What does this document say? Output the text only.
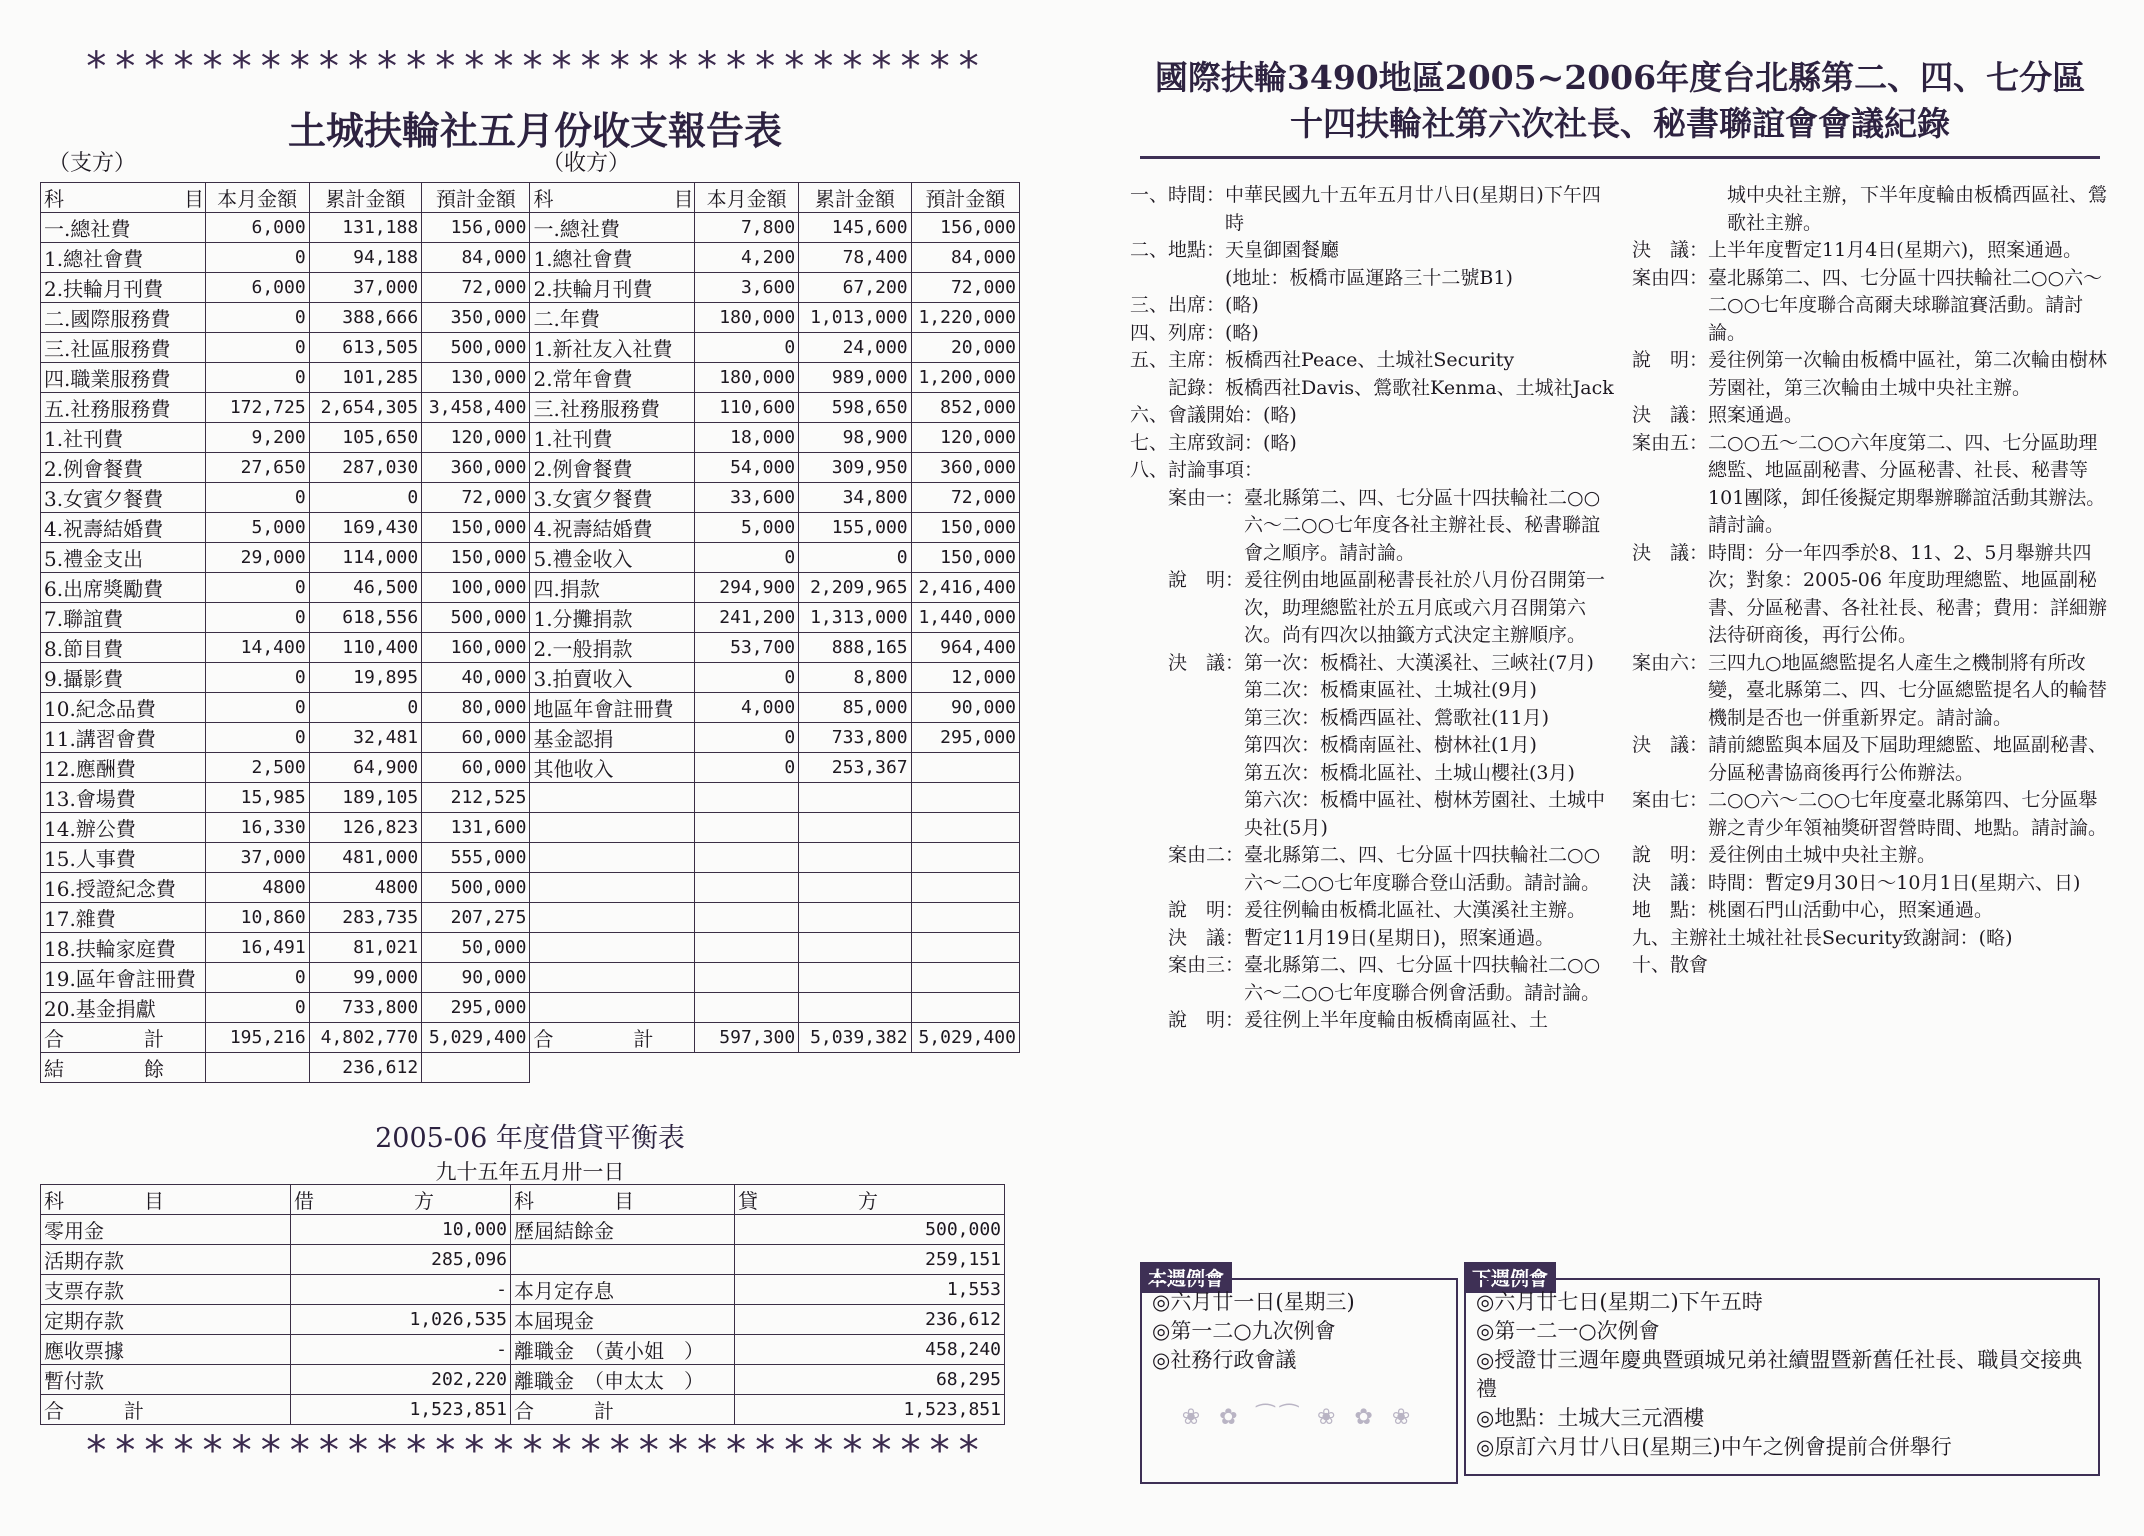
*******************************
土城扶輪社五月份收支報告表
（支方）	（收方）
科　　　　　　目	本月金額	累計金額	預計金額	科　　　　　　目	本月金額	累計金額	預計金額
一.總社費	6,000	131,188	156,000	一.總社費	7,800	145,600	156,000
1.總社會費	0	94,188	84,000	1.總社會費	4,200	78,400	84,000
2.扶輪月刊費	6,000	37,000	72,000	2.扶輪月刊費	3,600	67,200	72,000
二.國際服務費	0	388,666	350,000	二.年費	180,000	1,013,000	1,220,000
三.社區服務費	0	613,505	500,000	1.新社友入社費	0	24,000	20,000
四.職業服務費	0	101,285	130,000	2.常年會費	180,000	989,000	1,200,000
五.社務服務費	172,725	2,654,305	3,458,400	三.社務服務費	110,600	598,650	852,000
1.社刊費	9,200	105,650	120,000	1.社刊費	18,000	98,900	120,000
2.例會餐費	27,650	287,030	360,000	2.例會餐費	54,000	309,950	360,000
3.女賓夕餐費	0	0	72,000	3.女賓夕餐費	33,600	34,800	72,000
4.祝壽結婚費	5,000	169,430	150,000	4.祝壽結婚費	5,000	155,000	150,000
5.禮金支出	29,000	114,000	150,000	5.禮金收入	0	0	150,000
6.出席獎勵費	0	46,500	100,000	四.捐款	294,900	2,209,965	2,416,400
7.聯誼費	0	618,556	500,000	1.分攤捐款	241,200	1,313,000	1,440,000
8.節目費	14,400	110,400	160,000	2.一般捐款	53,700	888,165	964,400
9.攝影費	0	19,895	40,000	3.拍賣收入	0	8,800	12,000
10.紀念品費	0	0	80,000	地區年會註冊費	4,000	85,000	90,000
11.講習會費	0	32,481	60,000	基金認捐	0	733,800	295,000
12.應酬費	2,500	64,900	60,000	其他收入	0	253,367	
13.會場費	15,985	189,105	212,525				
14.辦公費	16,330	126,823	131,600				
15.人事費	37,000	481,000	555,000				
16.授證紀念費	4800	4800	500,000				
17.雜費	10,860	283,735	207,275				
18.扶輪家庭費	16,491	81,021	50,000				
19.區年會註冊費	0	99,000	90,000				
20.基金捐獻	0	733,800	295,000				
合　　　　計	195,216	4,802,770	5,029,400	合　　　　計	597,300	5,039,382	5,029,400
結　　　　餘		236,612					
2005-06 年度借貸平衡表
九十五年五月卅一日
科　　　　目	借　　　　　方	科　　　　目	貸　　　　　方
零用金	10,000	歷屆結餘金	500,000
活期存款	285,096		259,151
支票存款	-	本月定存息	1,553
定期存款	1,026,535	本屆現金	236,612
應收票據	-	離職金　（黃小姐　）	458,240
暫付款	202,220	離職金　（申太太　）	68,295
合　　　計	1,523,851	合　　　計	1,523,851
*******************************
國際扶輪3490地區2005~2006年度台北縣第二、四、七分區
十四扶輪社第六次社長、秘書聯誼會會議紀錄
一、時間： 中華民國九十五年五月廿八日(星期日)下午四時
二、地點： 天皇御園餐廳

(地址：板橋市區運路三十二號B1)
三、出席： (略)
四、列席： (略)
五、主席： 板橋西社Peace、土城社Security
　　記錄： 板橋西社Davis、鶯歌社Kenma、土城社Jack
六、會議開始： (略)
七、主席致詞： (略)
八、討論事項：
　　案由一： 臺北縣第二、四、七分區十四扶輪社二○○六～二○○七年度各社主辦社長、秘書聯誼會之順序。請討論。
　　說　明： 爰往例由地區副秘書長社於八月份召開第一次，助理總監社於五月底或六月召開第六次。尚有四次以抽籤方式決定主辦順序。
　　決　議： 第一次：板橋社、大漢溪社、三峽社(7月)

第二次：板橋東區社、土城社(9月)

第三次：板橋西區社、鶯歌社(11月)

第四次：板橋南區社、樹林社(1月)

第五次：板橋北區社、土城山櫻社(3月)

第六次：板橋中區社、樹林芳園社、土城中央社(5月)
　　案由二： 臺北縣第二、四、七分區十四扶輪社二○○六～二○○七年度聯合登山活動。請討論。
　　說　明： 爰往例輪由板橋北區社、大漢溪社主辦。
　　決　議： 暫定11月19日(星期日)，照案通過。
　　案由三： 臺北縣第二、四、七分區十四扶輪社二○○六～二○○七年度聯合例會活動。請討論。
　　說　明： 爰往例上半年度輪由板橋南區社、土

城中央社主辦，下半年度輪由板橋西區社、鶯歌社主辦。
決　議： 上半年度暫定11月4日(星期六)，照案通過。
案由四： 臺北縣第二、四、七分區十四扶輪社二○○六～二○○七年度聯合高爾夫球聯誼賽活動。請討論。
說　明： 爰往例第一次輪由板橋中區社，第二次輪由樹林芳園社，第三次輪由土城中央社主辦。
決　議： 照案通過。
案由五： 二○○五～二○○六年度第二、四、七分區助理總監、地區副秘書、分區秘書、社長、秘書等101團隊，卸任後擬定期舉辦聯誼活動其辦法。請討論。
決　議： 時間：分一年四季於8、11、2、5月舉辦共四次；對象：2005-06 年度助理總監、地區副秘書、分區秘書、各社社長、秘書；費用：詳細辦法待研商後，再行公佈。
案由六： 三四九○地區總監提名人產生之機制將有所改變，臺北縣第二、四、七分區總監提名人的輪替機制是否也一併重新界定。請討論。
決　議： 請前總監與本屆及下屆助理總監、地區副秘書、分區秘書協商後再行公佈辦法。
案由七： 二○○六～二○○七年度臺北縣第四、七分區舉辦之青少年領袖獎研習營時間、地點。請討論。
說　明： 爰往例由土城中央社主辦。
決　議： 時間：暫定9月30日～10月1日(星期六、日)
地　點： 桃園石門山活動中心，照案通過。
九、 主辦社土城社社長Security致謝詞：(略)
十、 散會
本週例會
◎六月廿一日(星期三)
◎第一二○九次例會
◎社務行政會議
❀ ✿ ⁀⁀ ❀ ✿ ❀
下週例會
◎六月廿七日(星期二)下午五時
◎第一二一○次例會
◎授證廿三週年慶典暨頭城兄弟社續盟暨新舊任社長、職員交接典禮
◎地點：土城大三元酒樓
◎原訂六月廿八日(星期三)中午之例會提前合併舉行
